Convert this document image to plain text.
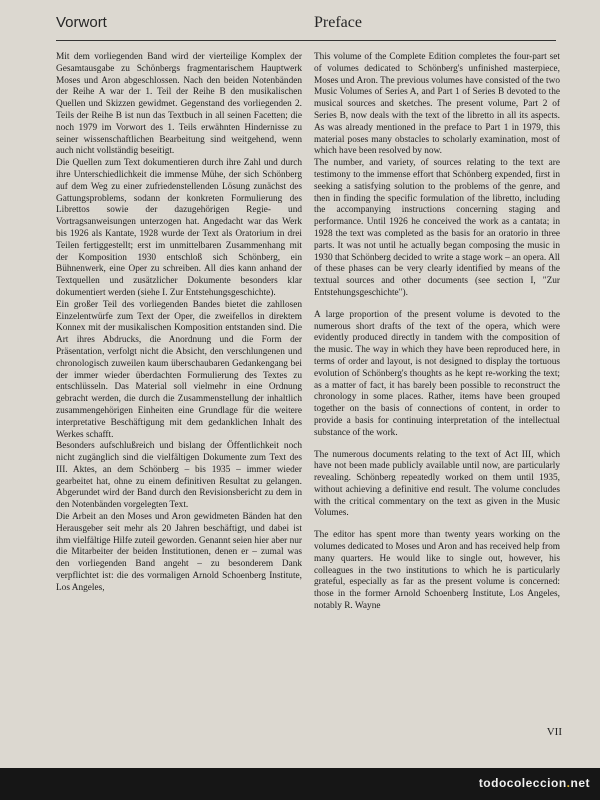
Vorwort

Mit dem vorliegenden Band wird der vierteilige Komplex der Gesamtausgabe zu Schönbergs fragmentarischem Hauptwerk Moses und Aron abgeschlossen. Nach den beiden Notenbänden der Reihe A war der 1. Teil der Reihe B den musikalischen Quellen und Skizzen gewidmet. Gegenstand des vorliegenden 2. Teils der Reihe B ist nun das Textbuch in all seinen Facetten; die noch 1979 im Vorwort des 1. Teils erwähnten Hindernisse zu seiner wissenschaftlichen Bearbeitung sind weitgehend, wenn auch nicht vollständig beseitigt.

Die Quellen zum Text dokumentieren durch ihre Zahl und durch ihre Unterschiedlichkeit die immense Mühe, der sich Schönberg auf dem Weg zu einer zufriedenstellenden Lösung zunächst des Gattungsproblems, sodann der konkreten Formulierung des Librettos sowie der dazugehörigen Regie- und Vortragsanweisungen unterzogen hat. Angedacht war das Werk bis 1926 als Kantate, 1928 wurde der Text als Oratorium in drei Teilen fertiggestellt; erst im unmittelbaren Zusammenhang mit der Komposition 1930 entschloß sich Schönberg, ein Bühnenwerk, eine Oper zu schreiben. All dies kann anhand der Textquellen und zusätzlicher Dokumente besonders klar dokumentiert werden (siehe I. Zur Entstehungsgeschichte).

Ein großer Teil des vorliegenden Bandes bietet die zahllosen Einzelentwürfe zum Text der Oper, die zweifellos in direktem Konnex mit der musikalischen Komposition entstanden sind. Die Art ihres Abdrucks, die Anordnung und die Form der Präsentation, verfolgt nicht die Absicht, den verschlungenen und chronologisch zuweilen kaum überschaubaren Gedankengang bei der immer wieder überdachten Formulierung des Textes zu entschlüsseln. Das Material soll vielmehr in eine Ordnung gebracht werden, die durch die Zusammenstellung der inhaltlich zusammengehörigen Einheiten eine Grundlage für die weitere interpretative Beschäftigung mit dem gedanklichen Inhalt des Werkes schafft.

Besonders aufschlußreich und bislang der Öffentlichkeit noch nicht zugänglich sind die vielfältigen Dokumente zum Text des III. Aktes, an dem Schönberg – bis 1935 – immer wieder gearbeitet hat, ohne zu einem definitiven Resultat zu gelangen. Abgerundet wird der Band durch den Revisionsbericht zu dem in den Notenbänden vorgelegten Text.

Die Arbeit an den Moses und Aron gewidmeten Bänden hat den Herausgeber seit mehr als 20 Jahren beschäftigt, und dabei ist ihm vielfältige Hilfe zuteil geworden. Genannt seien hier aber nur die Mitarbeiter der beiden Institutionen, denen er – zumal was den vorliegenden Band angeht – zu besonderem Dank verpflichtet ist: die des vormaligen Arnold Schoenberg Institute, Los Angeles,

Preface

This volume of the Complete Edition completes the four-part set of volumes dedicated to Schönberg's unfinished masterpiece, Moses und Aron. The previous volumes have consisted of the two Music Volumes of Series A, and Part 1 of Series B devoted to the musical sources and sketches. The present volume, Part 2 of Series B, now deals with the text of the libretto in all its aspects. As was already mentioned in the preface to Part 1 in 1979, this material poses many obstacles to scholarly examination, most of which have been resolved by now.

The number, and variety, of sources relating to the text are testimony to the immense effort that Schönberg expended, first in seeking a satisfying solution to the problems of the genre, and then in finding the specific formulation of the libretto, including the accompanying instructions concerning staging and performance. Until 1926 he conceived the work as a cantata; in 1928 the text was completed as the basis for an oratorio in three parts. It was not until he actually began composing the music in 1930 that Schönberg decided to write a stage work – an opera. All of these phases can be very clearly identified by means of the textual sources and other documents (see section I, "Zur Entstehungsgeschichte").

A large proportion of the present volume is devoted to the numerous short drafts of the text of the opera, which were evidently produced directly in tandem with the composition of the music. The way in which they have been reproduced here, in terms of order and layout, is not designed to display the tortuous evolution of Schönberg's thoughts as he kept re-working the text; as a matter of fact, it has barely been possible to reconstruct the chronology in some places. Rather, items have been grouped together on the basis of connections of content, in order to provide a basis for continuing interpretation of the intellectual substance of the work.

The numerous documents relating to the text of Act III, which have not been made publicly available until now, are particularly revealing. Schönberg repeatedly worked on them until 1935, without achieving a definitive end result. The volume concludes with the critical commentary on the text as given in the Music Volumes.

The editor has spent more than twenty years working on the volumes dedicated to Moses und Aron and has received help from many quarters. He would like to single out, however, his colleagues in the two institutions to which he is particularly grateful, especially as far as the present volume is concerned: those in the former Arnold Schoenberg Institute, Los Angeles, notably R. Wayne

VII
todocoleccion.net
